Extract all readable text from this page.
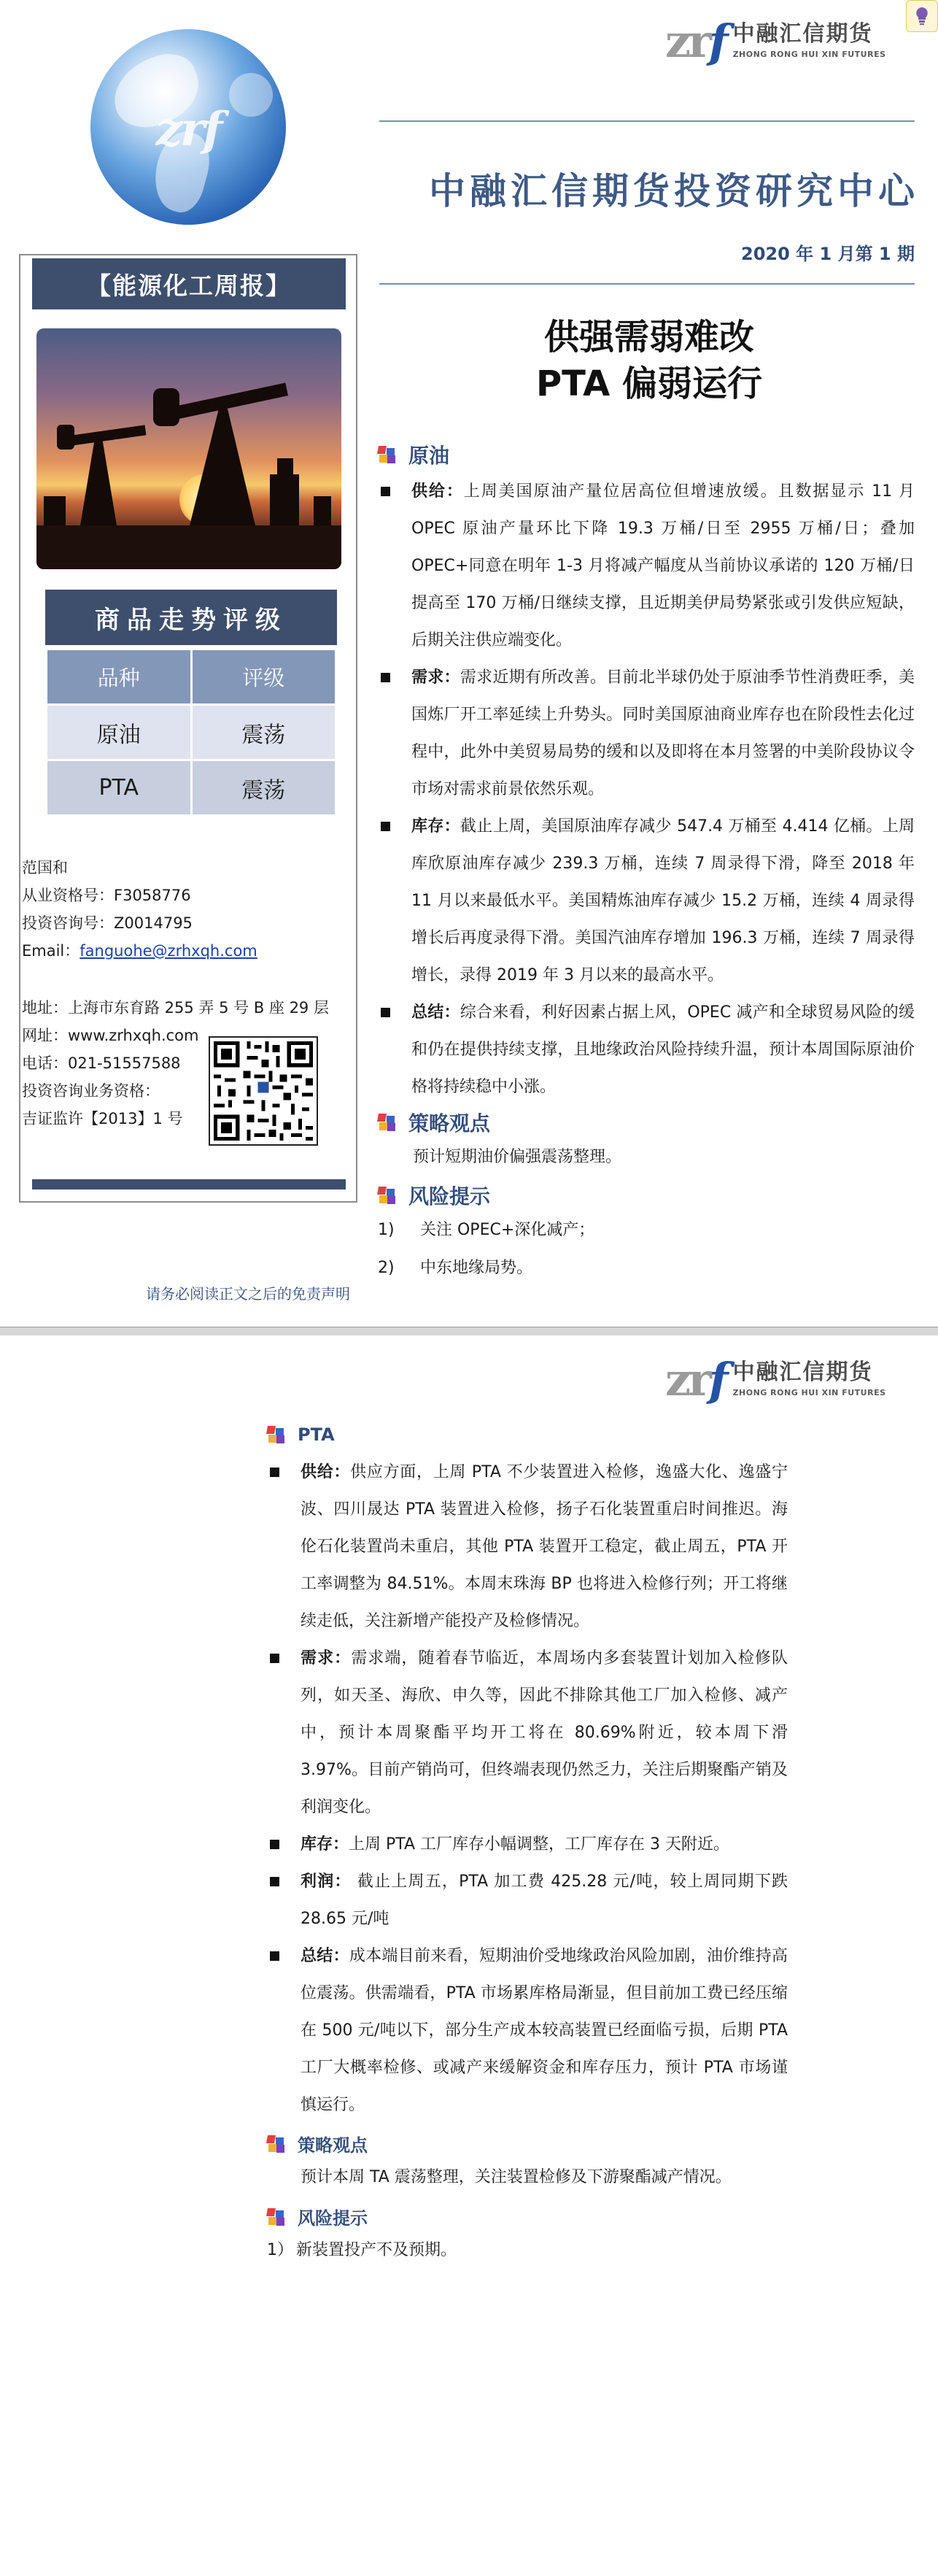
zrf 中融汇信期货
ZHONG RONG HUI XIN FUTURES
zrf
中融汇信期货投资研究中心
2020 年 1 月第 1 期
【能源化工周报】
商品走势评级
品种	评级
原油	震荡
PTA	震荡
范国和
从业资格号：F3058776
投资咨询号：Z0014795
Email：fanguohe@zrhxqh.com
地址：上海市东育路 255 弄 5 号 B 座 29 层
网址：www.zrhxqh.com
电话：021-51557588
投资咨询业务资格：
吉证监许【2013】1 号
请务必阅读正文之后的免责声明
供强需弱难改
PTA 偏弱运行
原油
供给：上周美国原油产量位居高位但增速放缓。且数据显示 11 月 OPEC 原油产量环比下降 19.3 万桶/日至 2955 万桶/日；叠加 OPEC+同意在明年 1-3 月将减产幅度从当前协议承诺的 120 万桶/日提高至 170 万桶/日继续支撑，且近期美伊局势紧张或引发供应短缺，后期关注供应端变化。
需求：需求近期有所改善。目前北半球仍处于原油季节性消费旺季，美国炼厂开工率延续上升势头。同时美国原油商业库存也在阶段性去化过程中，此外中美贸易局势的缓和以及即将在本月签署的中美阶段协议令市场对需求前景依然乐观。
库存：截止上周，美国原油库存减少 547.4 万桶至 4.414 亿桶。上周库欣原油库存减少 239.3 万桶，连续 7 周录得下滑，降至 2018 年 11 月以来最低水平。美国精炼油库存减少 15.2 万桶，连续 4 周录得增长后再度录得下滑。美国汽油库存增加 196.3 万桶，连续 7 周录得增长，录得 2019 年 3 月以来的最高水平。
总结：综合来看，利好因素占据上风，OPEC 减产和全球贸易风险的缓和仍在提供持续支撑，且地缘政治风险持续升温，预计本周国际原油价格将持续稳中小涨。
策略观点
预计短期油价偏强震荡整理。
风险提示
1) 关注 OPEC+深化减产；
2) 中东地缘局势。
zrf 中融汇信期货
ZHONG RONG HUI XIN FUTURES
PTA
供给：供应方面，上周 PTA 不少装置进入检修，逸盛大化、逸盛宁波、四川晟达 PTA 装置进入检修，扬子石化装置重启时间推迟。海伦石化装置尚未重启，其他 PTA 装置开工稳定，截止周五，PTA 开工率调整为 84.51%。本周末珠海 BP 也将进入检修行列；开工将继续走低，关注新增产能投产及检修情况。
需求：需求端，随着春节临近，本周场内多套装置计划加入检修队列，如天圣、海欣、申久等，因此不排除其他工厂加入检修、减产中，预计本周聚酯平均开工将在 80.69%附近，较本周下滑 3.97%。目前产销尚可，但终端表现仍然乏力，关注后期聚酯产销及利润变化。
库存：上周 PTA 工厂库存小幅调整，工厂库存在 3 天附近。
利润： 截止上周五，PTA 加工费 425.28 元/吨，较上周同期下跌 28.65 元/吨
总结：成本端目前来看，短期油价受地缘政治风险加剧，油价维持高位震荡。供需端看，PTA 市场累库格局渐显，但目前加工费已经压缩在 500 元/吨以下，部分生产成本较高装置已经面临亏损，后期 PTA 工厂大概率检修、或减产来缓解资金和库存压力，预计 PTA 市场谨慎运行。
策略观点
预计本周 TA 震荡整理，关注装置检修及下游聚酯减产情况。
风险提示
1） 新装置投产不及预期。
